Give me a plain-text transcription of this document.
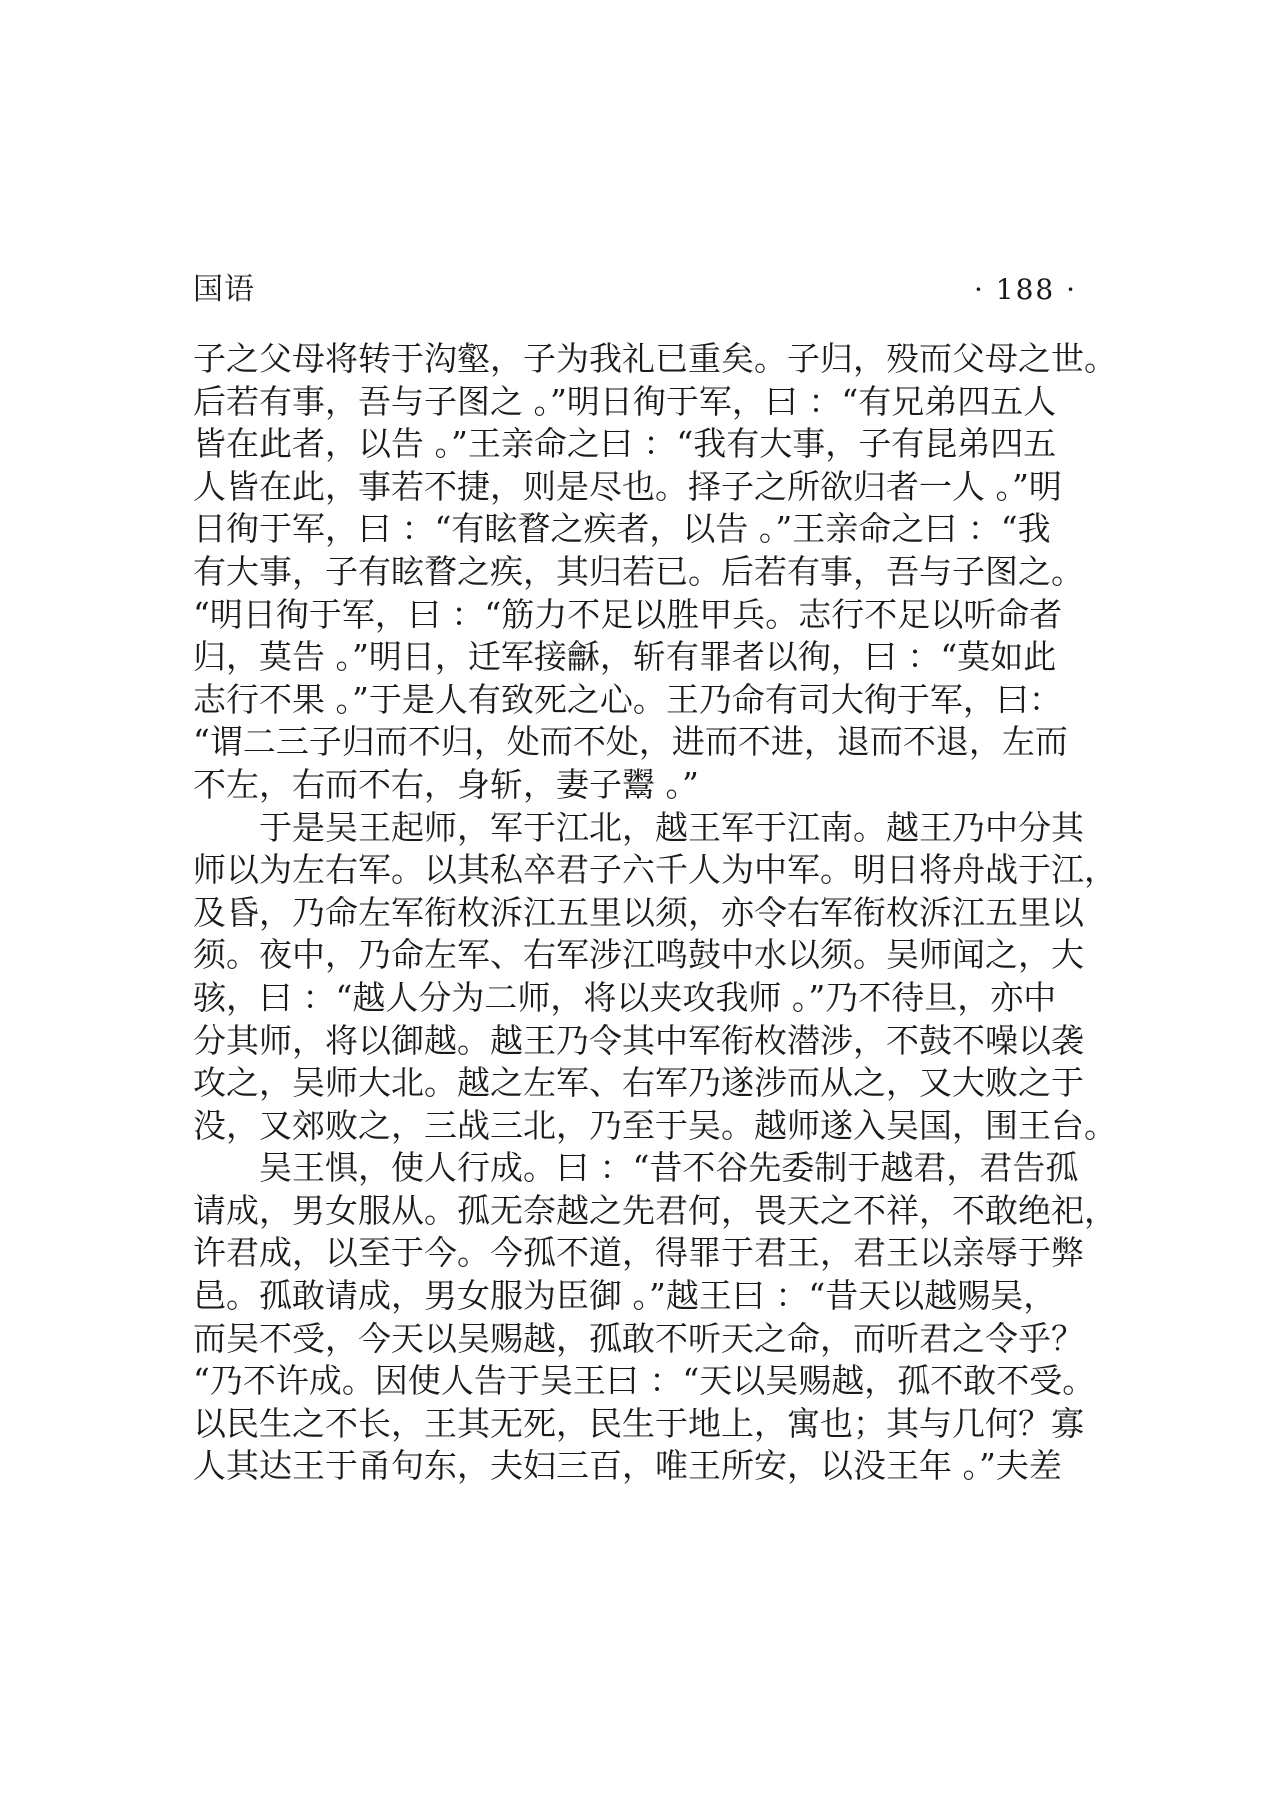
国语	· 188 ·
子之父母将转于沟壑，子为我礼已重矣。子归，殁而父母之世。
后若有事，吾与子图之 。”明日徇于军，曰 ：“有兄弟四五人
皆在此者，以告 。”王亲命之曰 ：“我有大事，子有昆弟四五
人皆在此，事若不捷，则是尽也。择子之所欲归者一人 。”明
日徇于军，曰 ：“有眩瞀之疾者，以告 。”王亲命之曰 ：“我
有大事，子有眩瞀之疾，其归若已。后若有事，吾与子图之。
“明日徇于军，曰 ：“筋力不足以胜甲兵。志行不足以听命者
归，莫告 。”明日，迁军接龢，斩有罪者以徇，曰 ：“莫如此
志行不果 。”于是人有致死之心。王乃命有司大徇于军，曰：
“谓二三子归而不归，处而不处，进而不进，退而不退，左而
不左，右而不右，身斩，妻子鬻 。”
于是吴王起师，军于江北，越王军于江南。越王乃中分其
师以为左右军。以其私卒君子六千人为中军。明日将舟战于江，
及昏，乃命左军衔枚泝江五里以须，亦令右军衔枚泝江五里以
须。夜中，乃命左军、右军涉江鸣鼓中水以须。吴师闻之，大
骇，曰 ：“越人分为二师，将以夹攻我师 。”乃不待旦，亦中
分其师，将以御越。越王乃令其中军衔枚潜涉，不鼓不噪以袭
攻之，吴师大北。越之左军、右军乃遂涉而从之，又大败之于
没，又郊败之，三战三北，乃至于吴。越师遂入吴国，围王台。
吴王惧，使人行成。曰 ：“昔不谷先委制于越君，君告孤
请成，男女服从。孤无奈越之先君何，畏天之不祥，不敢绝祀，
许君成，以至于今。今孤不道，得罪于君王，君王以亲辱于弊
邑。孤敢请成，男女服为臣御 。”越王曰 ：“昔天以越赐吴，
而吴不受，今天以吴赐越，孤敢不听天之命，而听君之令乎？
“乃不许成。因使人告于吴王曰 ：“天以吴赐越，孤不敢不受。
以民生之不长，王其无死，民生于地上，寓也；其与几何？寡
人其达王于甬句东，夫妇三百，唯王所安，以没王年 。”夫差
